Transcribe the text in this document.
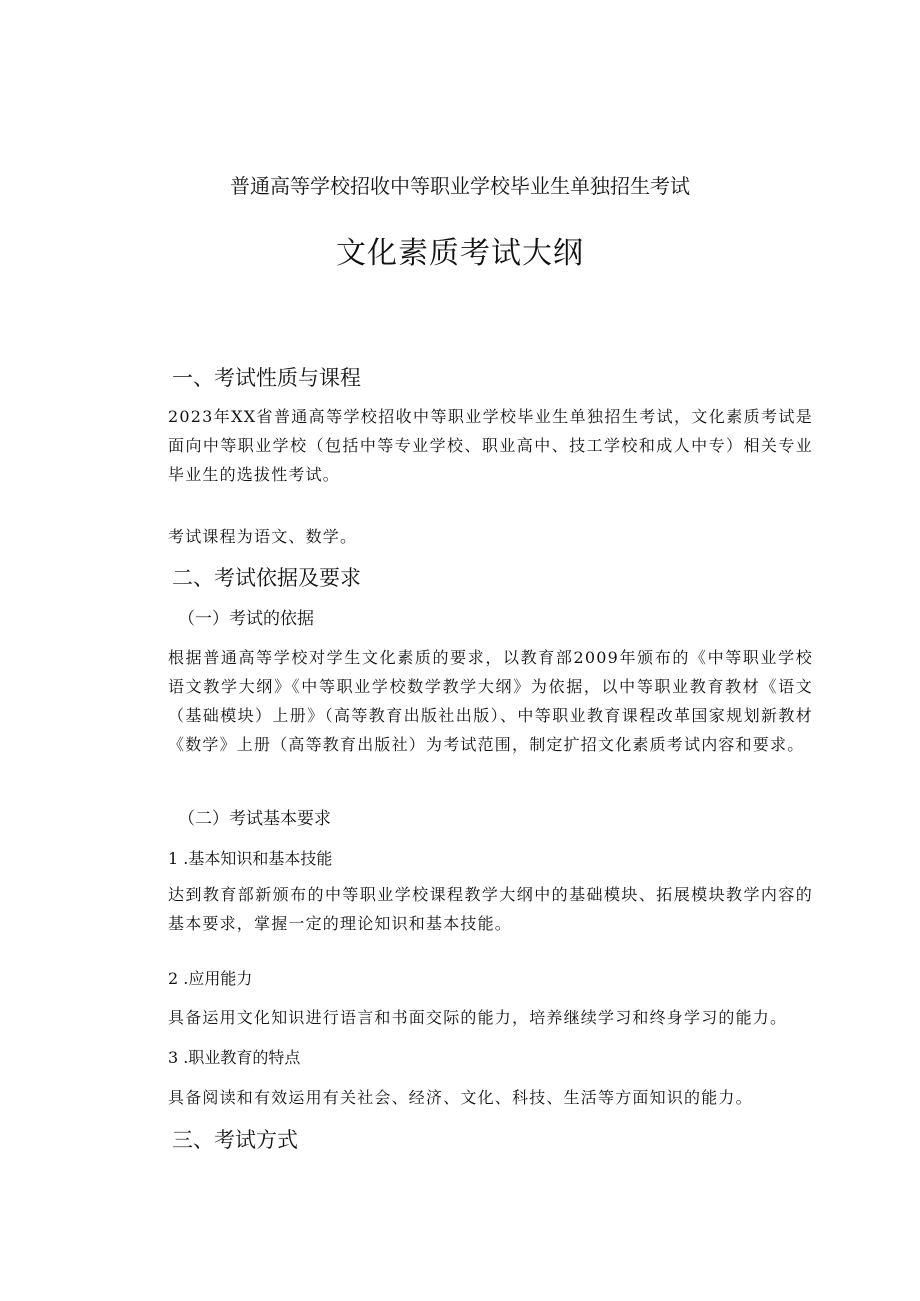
普通高等学校招收中等职业学校毕业生单独招生考试
文化素质考试大纲
一、考试性质与课程
2023年XX省普通高等学校招收中等职业学校毕业生单独招生考试，文化素质考试是面向中等职业学校（包括中等专业学校、职业高中、技工学校和成人中专）相关专业毕业生的选拔性考试。
考试课程为语文、数学。
二、考试依据及要求
（一）考试的依据
根据普通高等学校对学生文化素质的要求，以教育部2009年颁布的《中等职业学校语文教学大纲》《中等职业学校数学教学大纲》为依据，以中等职业教育教材《语文（基础模块）上册》（高等教育出版社出版）、中等职业教育课程改革国家规划新教材《数学》上册（高等教育出版社）为考试范围，制定扩招文化素质考试内容和要求。
（二）考试基本要求
1 .基本知识和基本技能
达到教育部新颁布的中等职业学校课程教学大纲中的基础模块、拓展模块教学内容的基本要求，掌握一定的理论知识和基本技能。
2 .应用能力
具备运用文化知识进行语言和书面交际的能力，培养继续学习和终身学习的能力。
3 .职业教育的特点
具备阅读和有效运用有关社会、经济、文化、科技、生活等方面知识的能力。
三、考试方式
